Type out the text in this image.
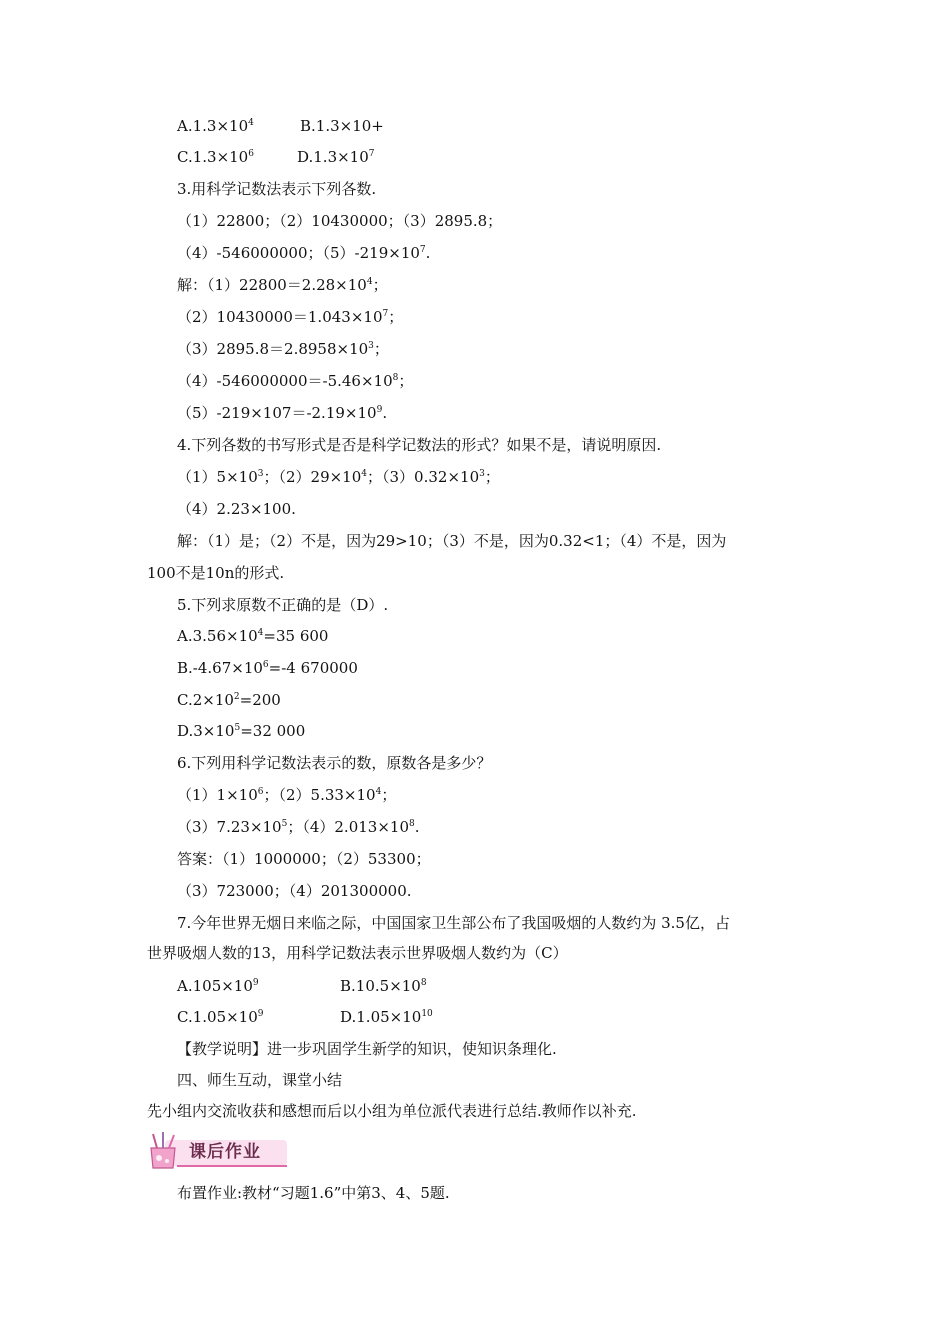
$A.1.3\times 10^4$	B.1.3×10+
$C.1.3\times 10^6$	$D.1.3\times 10^7$
3.用科学记数法表示下列各数.
（1）22800；（2）10430000；（3）2895.8；
（4）-546000000；$(5)-219\times 10^7$.
解：$(1)22800=2.28\times 10^4$；
$(2)10430000=1.043\times 10^7$；
$(3)2895.8=2.8958\times 10^3$；
$(4)-546000000=-5.46\times 10^8$；
$(5)-219\times 107=-2.19\times 10^9$.
4.下列各数的书写形式是否是科学记数法的形式？如果不是，请说明原因.
$(1)5\times 10^3$；$(2)29\times 10^4$；$(3)0.32\times 10^3$；
（4）2.23×100.
解：（1）是；（2）不是，因为29>10；（3）不是，因为0.32<1；（4）不是，因为
100不是10n的形式.
5.下列求原数不正确的是（D）.
$A.3.56\times 10^4=35$ 600
$B.-4.67\times 10^6=-4$ 670000
$C.2\times 10^2=200$
$D.3\times 10^5=32$ 000
6.下列用科学记数法表示的数，原数各是多少？
$(1)1\times 10^6$；$(2)5.33\times 10^4$；
$(3)7.23\times 10^5$；$(4)2.013\times 10^8$.
答案：（1）1000000；（2）53300；
（3）723000；（4）201300000.
7.今年世界无烟日来临之际，中国国家卫生部公布了我国吸烟的人数约为 3.5亿，占
世界吸烟人数的13，用科学记数法表示世界吸烟人数约为（C）
$A.105\times 10^9$	$B.10.5\times 10^8$
$C.1.05\times 10^9$	$D.1.05\times 10^{10}$
【教学说明】进一步巩固学生新学的知识，使知识条理化.
四、师生互动，课堂小结
先小组内交流收获和感想而后以小组为单位派代表进行总结.教师作以补充.
课后作业
布置作业:教材“习题1.6”中第3、4、5题.
